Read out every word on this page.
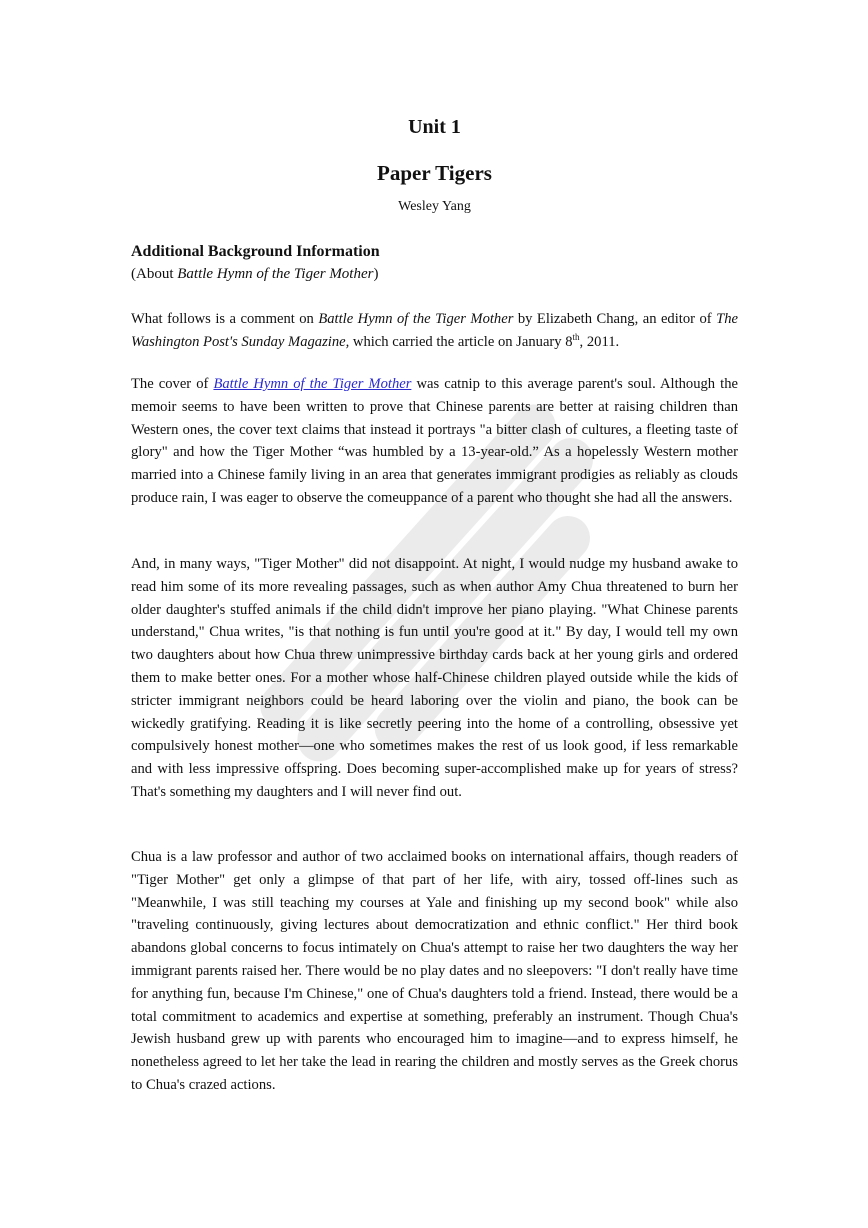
Unit 1
Paper Tigers

Wesley Yang

Additional Background Information

(About Battle Hymn of the Tiger Mother)

What follows is a comment on Battle Hymn of the Tiger Mother by Elizabeth Chang, an editor of The Washington Post's Sunday Magazine, which carried the article on January 8th, 2011.

The cover of Battle Hymn of the Tiger Mother was catnip to this average parent's soul. Although the memoir seems to have been written to prove that Chinese parents are better at raising children than Western ones, the cover text claims that instead it portrays "a bitter clash of cultures, a fleeting taste of glory" and how the Tiger Mother “was humbled by a 13-year-old.” As a hopelessly Western mother married into a Chinese family living in an area that generates immigrant prodigies as reliably as clouds produce rain, I was eager to observe the comeuppance of a parent who thought she had all the answers.

And, in many ways, "Tiger Mother" did not disappoint. At night, I would nudge my husband awake to read him some of its more revealing passages, such as when author Amy Chua threatened to burn her older daughter's stuffed animals if the child didn't improve her piano playing. "What Chinese parents understand," Chua writes, "is that nothing is fun until you're good at it." By day, I would tell my own two daughters about how Chua threw unimpressive birthday cards back at her young girls and ordered them to make better ones. For a mother whose half-Chinese children played outside while the kids of stricter immigrant neighbors could be heard laboring over the violin and piano, the book can be wickedly gratifying. Reading it is like secretly peering into the home of a controlling, obsessive yet compulsively honest mother—one who sometimes makes the rest of us look good, if less remarkable and with less impressive offspring. Does becoming super-accomplished make up for years of stress? That's something my daughters and I will never find out.

Chua is a law professor and author of two acclaimed books on international affairs, though readers of "Tiger Mother" get only a glimpse of that part of her life, with airy, tossed off-lines such as "Meanwhile, I was still teaching my courses at Yale and finishing up my second book" while also "traveling continuously, giving lectures about democratization and ethnic conflict." Her third book abandons global concerns to focus intimately on Chua's attempt to raise her two daughters the way her immigrant parents raised her. There would be no play dates and no sleepovers: "I don't really have time for anything fun, because I'm Chinese," one of Chua's daughters told a friend. Instead, there would be a total commitment to academics and expertise at something, preferably an instrument. Though Chua's Jewish husband grew up with parents who encouraged him to imagine—and to express himself, he nonetheless agreed to let her take the lead in rearing the children and mostly serves as the Greek chorus to Chua's crazed actions.
